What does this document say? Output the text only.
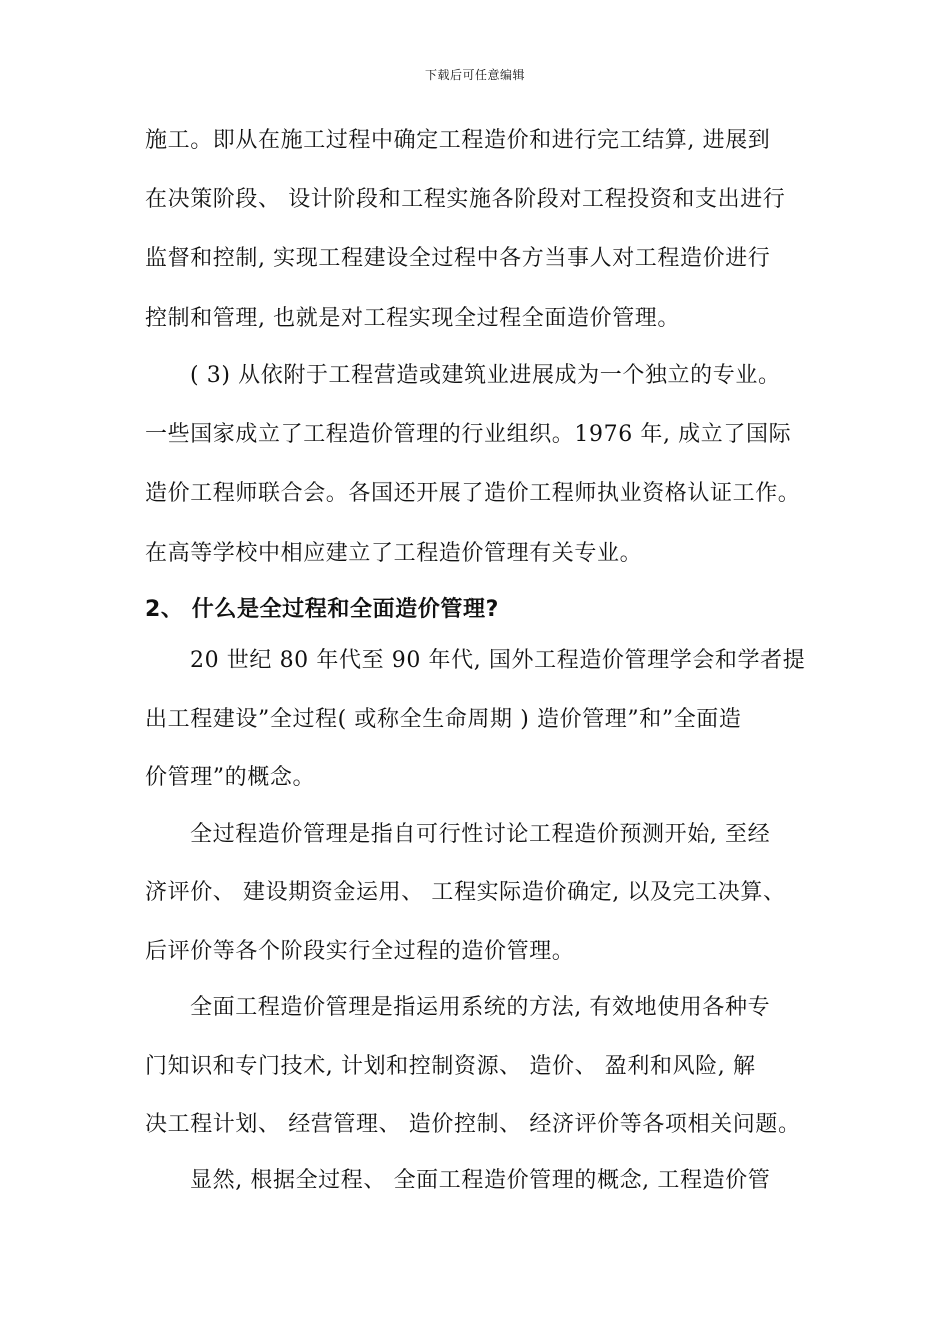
下载后可任意编辑
施工。即从在施工过程中确定工程造价和进行完工结算, 进展到
在决策阶段、 设计阶段和工程实施各阶段对工程投资和支出进行
监督和控制, 实现工程建设全过程中各方当事人对工程造价进行
控制和管理, 也就是对工程实现全过程全面造价管理。
( 3) 从依附于工程营造或建筑业进展成为一个独立的专业。
一些国家成立了工程造价管理的行业组织。1976 年, 成立了国际
造价工程师联合会。各国还开展了造价工程师执业资格认证工作。
在高等学校中相应建立了工程造价管理有关专业。
2、 什么是全过程和全面造价管理?
20 世纪 80 年代至 90 年代, 国外工程造价管理学会和学者提
出工程建设”全过程( 或称全生命周期 ) 造价管理”和”全面造
价管理”的概念。
全过程造价管理是指自可行性讨论工程造价预测开始, 至经
济评价、 建设期资金运用、 工程实际造价确定, 以及完工决算、
后评价等各个阶段实行全过程的造价管理。
全面工程造价管理是指运用系统的方法, 有效地使用各种专
门知识和专门技术, 计划和控制资源、 造价、 盈利和风险, 解
决工程计划、 经营管理、 造价控制、 经济评价等各项相关问题。
显然, 根据全过程、 全面工程造价管理的概念, 工程造价管
